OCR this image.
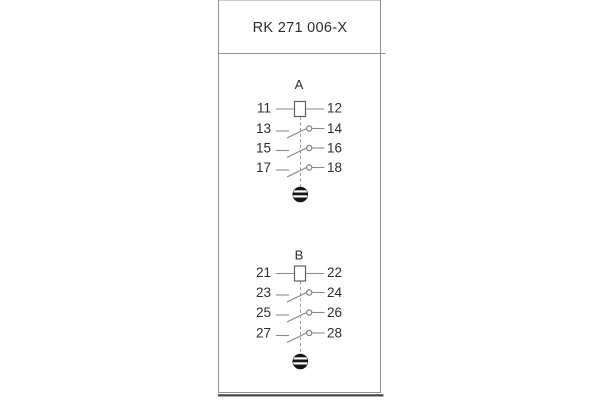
RK 271 006-X
A
11	12
13	14
15	16
17	18
B
21	22
23	24
25	26
27	28
